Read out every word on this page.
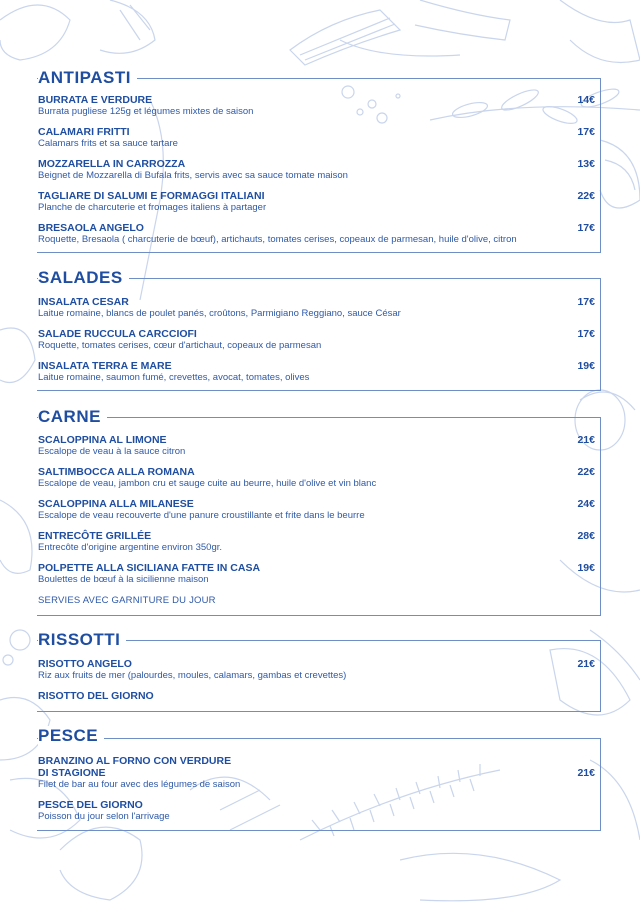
ANTIPASTI
BURRATA E VERDURE
Burrata pugliese 125g et légumes mixtes de saison
14€
CALAMARI FRITTI
Calamars frits et sa sauce tartare
17€
MOZZARELLA IN CARROZZA
Beignet de Mozzarella di Bufala frits, servis avec sa sauce tomate maison
13€
TAGLIARE DI SALUMI E FORMAGGI ITALIANI
Planche de charcuterie et fromages italiens à partager
22€
BRESAOLA ANGELO
Roquette, Bresaola ( charcuterie de bœuf), artichauts, tomates cerises, copeaux de parmesan, huile d'olive, citron
17€
SALADES
INSALATA CESAR
Laitue romaine, blancs de poulet panés, croûtons, Parmigiano Reggiano, sauce César
17€
SALADE RUCCULA CARCCIOFI
Roquette, tomates cerises, cœur d'artichaut, copeaux de parmesan
17€
INSALATA TERRA E MARE
Laitue romaine, saumon fumé, crevettes, avocat, tomates, olives
19€
CARNE
SCALOPPINA AL LIMONE
Escalope de veau à la sauce citron
21€
SALTIMBOCCA ALLA ROMANA
Escalope de veau, jambon cru et sauge cuite au beurre, huile d'olive et vin blanc
22€
SCALOPPINA ALLA MILANESE
Escalope de veau recouverte d'une panure croustillante et frite dans le beurre
24€
ENTRECÔTE GRILLÉE
Entrecôte d'origine argentine environ 350gr.
28€
POLPETTE ALLA SICILIANA FATTE IN CASA
Boulettes de bœuf à la sicilienne maison
19€
SERVIES AVEC GARNITURE DU JOUR
RISSOTTI
RISOTTO ANGELO
Riz aux fruits de mer (palourdes, moules, calamars, gambas et crevettes)
21€
RISOTTO DEL GIORNO
PESCE
BRANZINO AL FORNO CON VERDURE
DI STAGIONE
Filet de bar au four avec des légumes de saison
21€
PESCE DEL GIORNO
Poisson du jour selon l'arrivage
